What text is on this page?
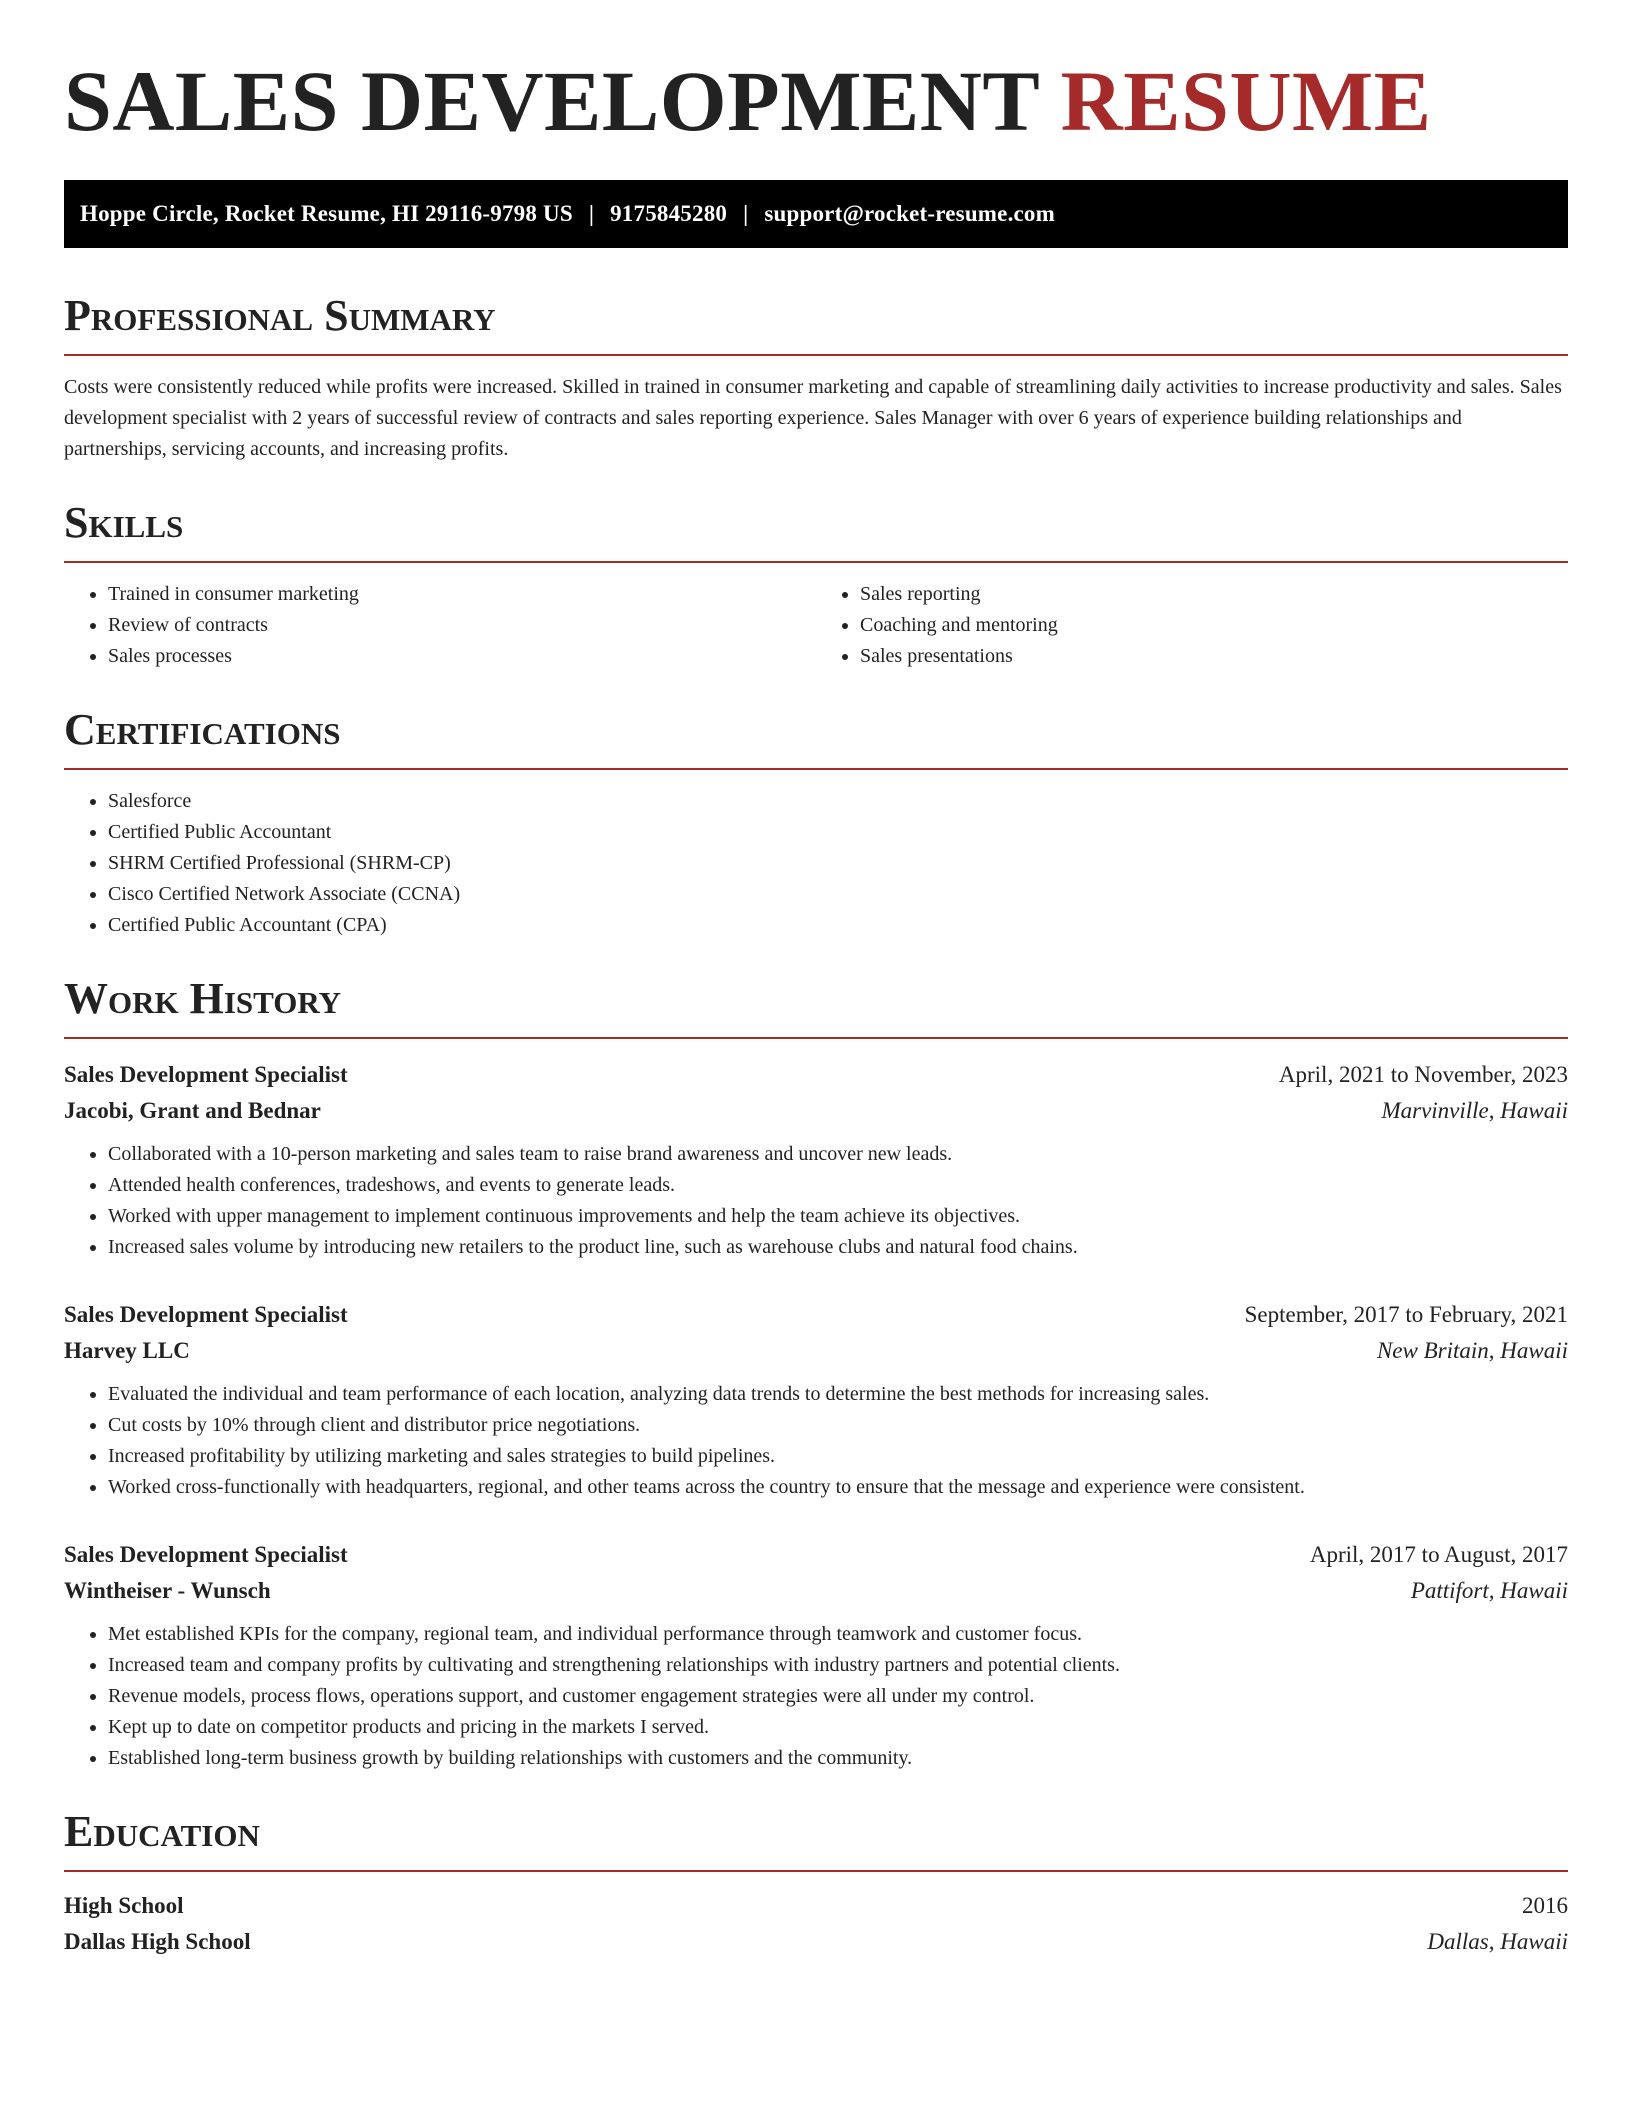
SALES DEVELOPMENT RESUME
Hoppe Circle, Rocket Resume, HI 29116-9798 US | 9175845280 | support@rocket-resume.com
Professional Summary

Costs were consistently reduced while profits were increased. Skilled in trained in consumer marketing and capable of streamlining daily activities to increase productivity and sales. Sales development specialist with 2 years of successful review of contracts and sales reporting experience. Sales Manager with over 6 years of experience building relationships and partnerships, servicing accounts, and increasing profits.

Skills
• Trained in consumer marketing
• Review of contracts
• Sales processes
• Sales reporting
• Coaching and mentoring
• Sales presentations
Certifications
• Salesforce
• Certified Public Accountant
• SHRM Certified Professional (SHRM-CP)
• Cisco Certified Network Associate (CCNA)
• Certified Public Accountant (CPA)
Work History
Sales Development Specialist	April, 2021 to November, 2023
Jacobi, Grant and Bednar	Marvinville, Hawaii
• Collaborated with a 10-person marketing and sales team to raise brand awareness and uncover new leads.
• Attended health conferences, tradeshows, and events to generate leads.
• Worked with upper management to implement continuous improvements and help the team achieve its objectives.
• Increased sales volume by introducing new retailers to the product line, such as warehouse clubs and natural food chains.
Sales Development Specialist	September, 2017 to February, 2021
Harvey LLC	New Britain, Hawaii
• Evaluated the individual and team performance of each location, analyzing data trends to determine the best methods for increasing sales.
• Cut costs by 10% through client and distributor price negotiations.
• Increased profitability by utilizing marketing and sales strategies to build pipelines.
• Worked cross-functionally with headquarters, regional, and other teams across the country to ensure that the message and experience were consistent.
Sales Development Specialist	April, 2017 to August, 2017
Wintheiser - Wunsch	Pattifort, Hawaii
• Met established KPIs for the company, regional team, and individual performance through teamwork and customer focus.
• Increased team and company profits by cultivating and strengthening relationships with industry partners and potential clients.
• Revenue models, process flows, operations support, and customer engagement strategies were all under my control.
• Kept up to date on competitor products and pricing in the markets I served.
• Established long-term business growth by building relationships with customers and the community.
Education
High School	2016
Dallas High School	Dallas, Hawaii
